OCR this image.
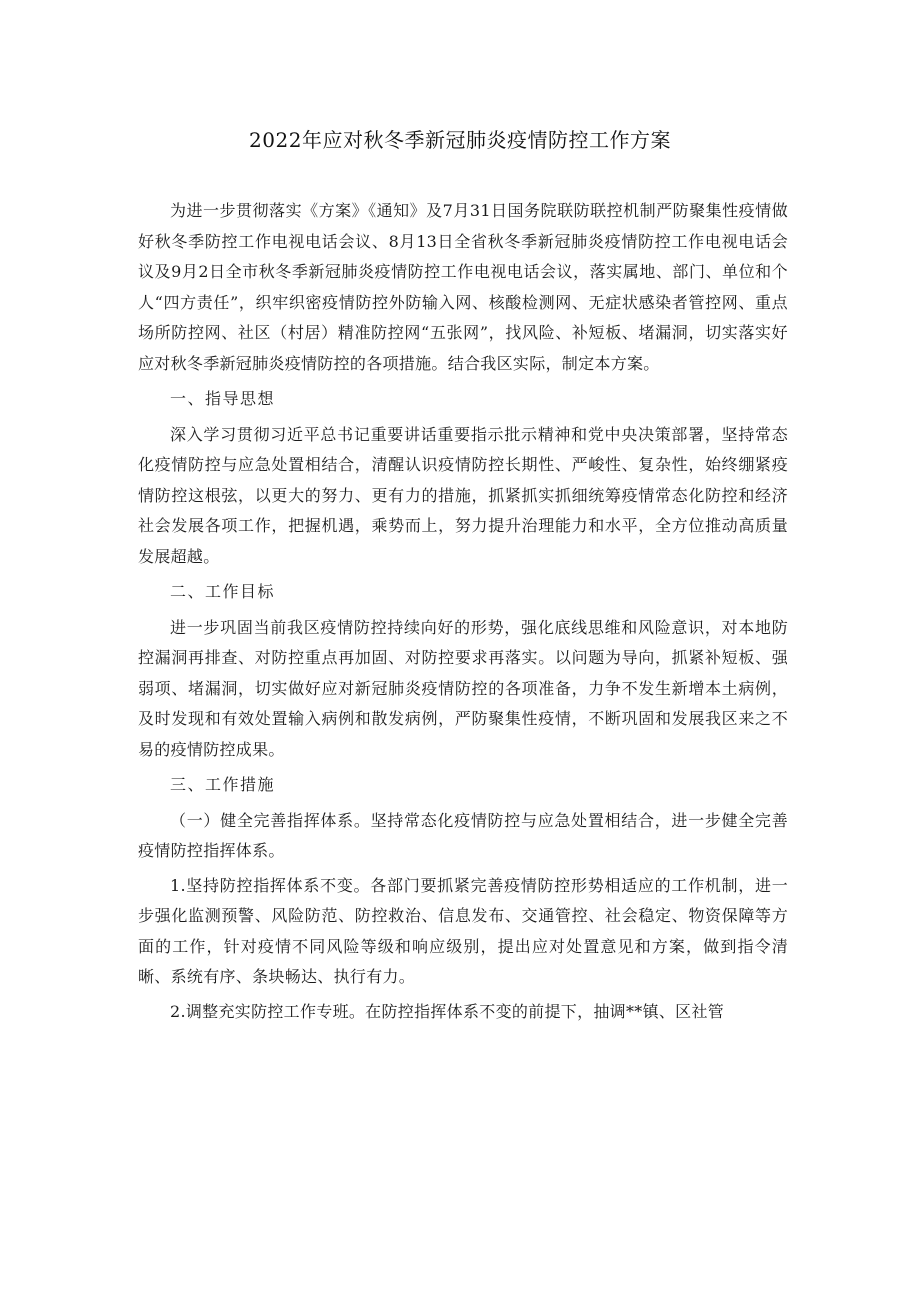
2022年应对秋冬季新冠肺炎疫情防控工作方案

为进一步贯彻落实《方案》《通知》及7月31日国务院联防联控机制严防聚集性疫情做好秋冬季防控工作电视电话会议、8月13日全省秋冬季新冠肺炎疫情防控工作电视电话会议及9月2日全市秋冬季新冠肺炎疫情防控工作电视电话会议，落实属地、部门、单位和个人“四方责任”，织牢织密疫情防控外防输入网、核酸检测网、无症状感染者管控网、重点场所防控网、社区（村居）精准防控网“五张网”，找风险、补短板、堵漏洞，切实落实好应对秋冬季新冠肺炎疫情防控的各项措施。结合我区实际，制定本方案。

一、指导思想

深入学习贯彻习近平总书记重要讲话重要指示批示精神和党中央决策部署，坚持常态化疫情防控与应急处置相结合，清醒认识疫情防控长期性、严峻性、复杂性，始终绷紧疫情防控这根弦，以更大的努力、更有力的措施，抓紧抓实抓细统筹疫情常态化防控和经济社会发展各项工作，把握机遇，乘势而上，努力提升治理能力和水平，全方位推动高质量发展超越。

二、工作目标

进一步巩固当前我区疫情防控持续向好的形势，强化底线思维和风险意识，对本地防控漏洞再排查、对防控重点再加固、对防控要求再落实。以问题为导向，抓紧补短板、强弱项、堵漏洞，切实做好应对新冠肺炎疫情防控的各项准备，力争不发生新增本土病例，及时发现和有效处置输入病例和散发病例，严防聚集性疫情，不断巩固和发展我区来之不易的疫情防控成果。

三、工作措施

（一）健全完善指挥体系。坚持常态化疫情防控与应急处置相结合，进一步健全完善疫情防控指挥体系。

1.坚持防控指挥体系不变。各部门要抓紧完善疫情防控形势相适应的工作机制，进一步强化监测预警、风险防范、防控救治、信息发布、交通管控、社会稳定、物资保障等方面的工作，针对疫情不同风险等级和响应级别，提出应对处置意见和方案，做到指令清晰、系统有序、条块畅达、执行有力。

2.调整充实防控工作专班。在防控指挥体系不变的前提下，抽调**镇、区社管
